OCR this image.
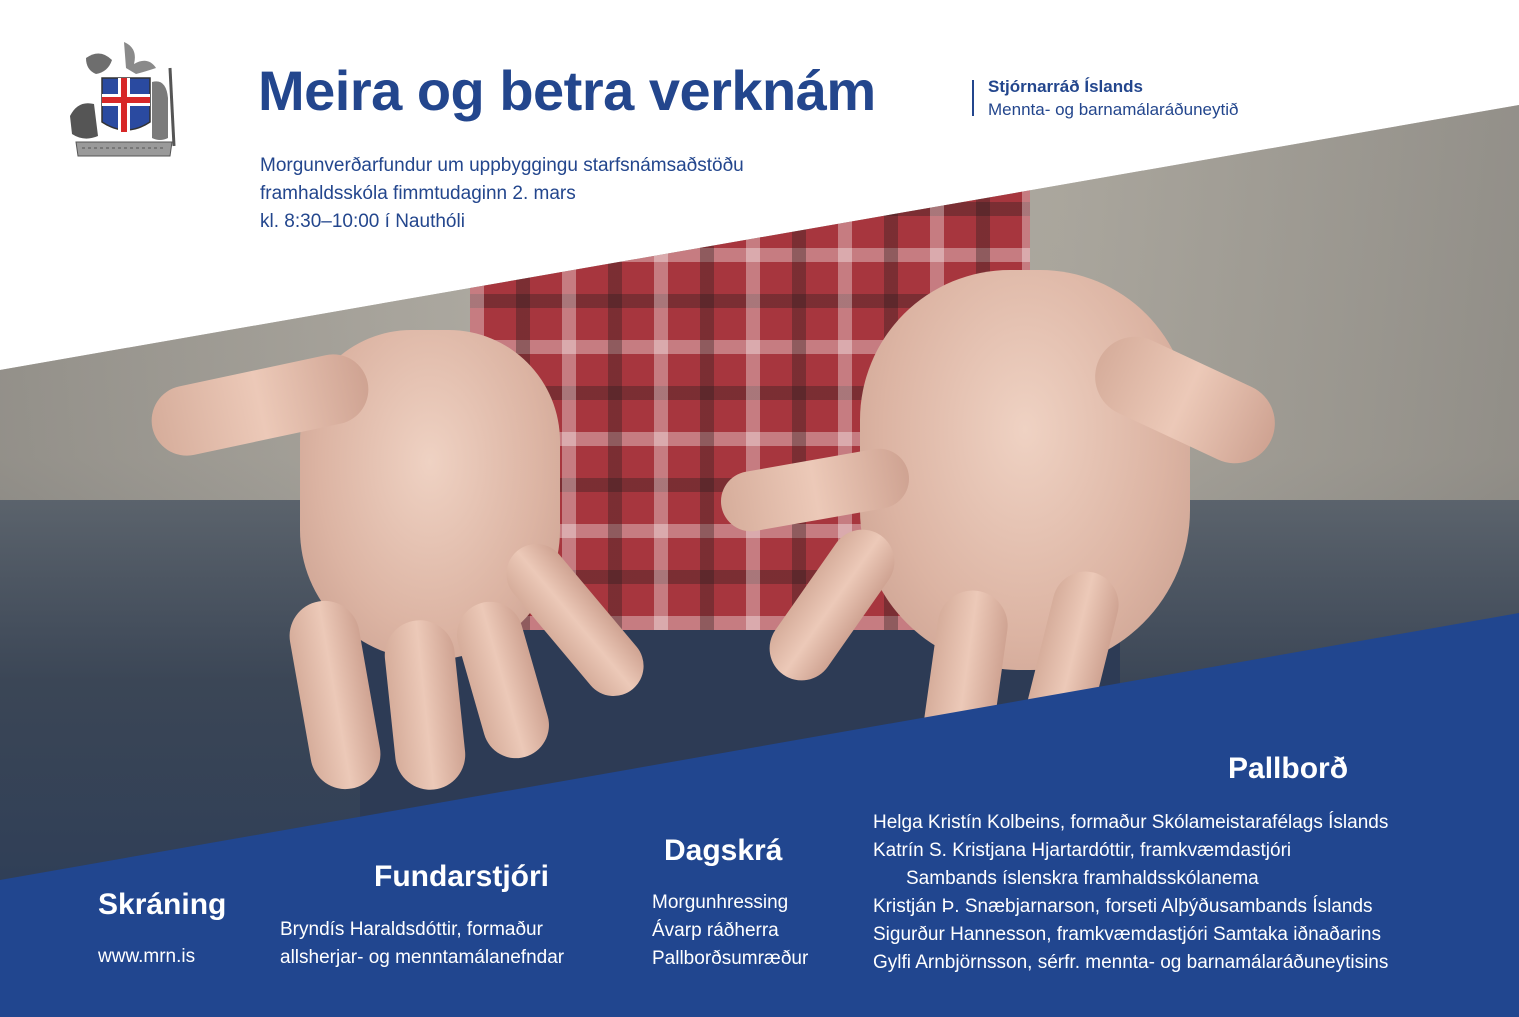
Meira og betra verknám	Stjórnarráð Íslands
Mennta- og barnamálaráðuneytið
Morgunverðarfundur um uppbyggingu starfsnámsaðstöðu
framhaldsskóla fimmtudaginn 2. mars
kl. 8:30–10:00 í Nauthóli
Skráning
www.mrn.is
Fundarstjóri
Bryndís Haraldsdóttir, formaður
allsherjar- og menntamálanefndar
Dagskrá
Morgunhressing
Ávarp ráðherra
Pallborðsumræður
Pallborð
Helga Kristín Kolbeins, formaður Skólameistarafélags Íslands
Katrín S. Kristjana Hjartardóttir, framkvæmdastjóri
Sambands íslenskra framhaldsskólanema
Kristján Þ. Snæbjarnarson, forseti Alþýðusambands Íslands
Sigurður Hannesson, framkvæmdastjóri Samtaka iðnaðarins
Gylfi Arnbjörnsson, sérfr. mennta- og barnamálaráðuneytisins
